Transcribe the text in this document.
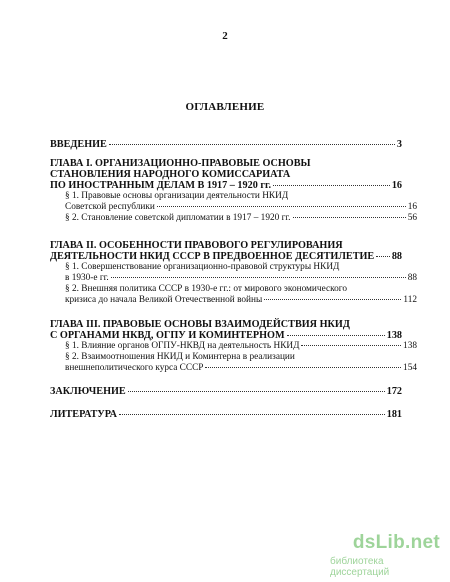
2
ОГЛАВЛЕНИЕ
ВВЕДЕНИЕ	3
ГЛАВА I. ОРГАНИЗАЦИОННО-ПРАВОВЫЕ ОСНОВЫ
СТАНОВЛЕНИЯ НАРОДНОГО КОМИССАРИАТА
ПО ИНОСТРАННЫМ ДЕЛАМ В 1917 – 1920 гг.	16
§ 1. Правовые основы организации деятельности НКИД
Советской республики	16
§ 2. Становление советской дипломатии в 1917 – 1920 гг.	56
ГЛАВА II. ОСОБЕННОСТИ ПРАВОВОГО РЕГУЛИРОВАНИЯ
ДЕЯТЕЛЬНОСТИ НКИД СССР В ПРЕДВОЕННОЕ ДЕСЯТИЛЕТИЕ 88
§ 1. Совершенствование организационно-правовой структуры НКИД
в 1930-е гг.	88
§ 2. Внешняя политика СССР в 1930-е гг.: от мирового экономического
кризиса до начала Великой Отечественной войны	112
ГЛАВА III. ПРАВОВЫЕ ОСНОВЫ ВЗАИМОДЕЙСТВИЯ НКИД
С ОРГАНАМИ НКВД, ОГПУ И КОМИНТЕРНОМ	138
§ 1. Влияние органов ОГПУ-НКВД на деятельность НКИД	138
§ 2. Взаимоотношения НКИД и Коминтерна в реализации
внешнеполитического курса СССР	154
ЗАКЛЮЧЕНИЕ	172
ЛИТЕРАТУРА	181
dsLib.net
библиотека диссертаций
